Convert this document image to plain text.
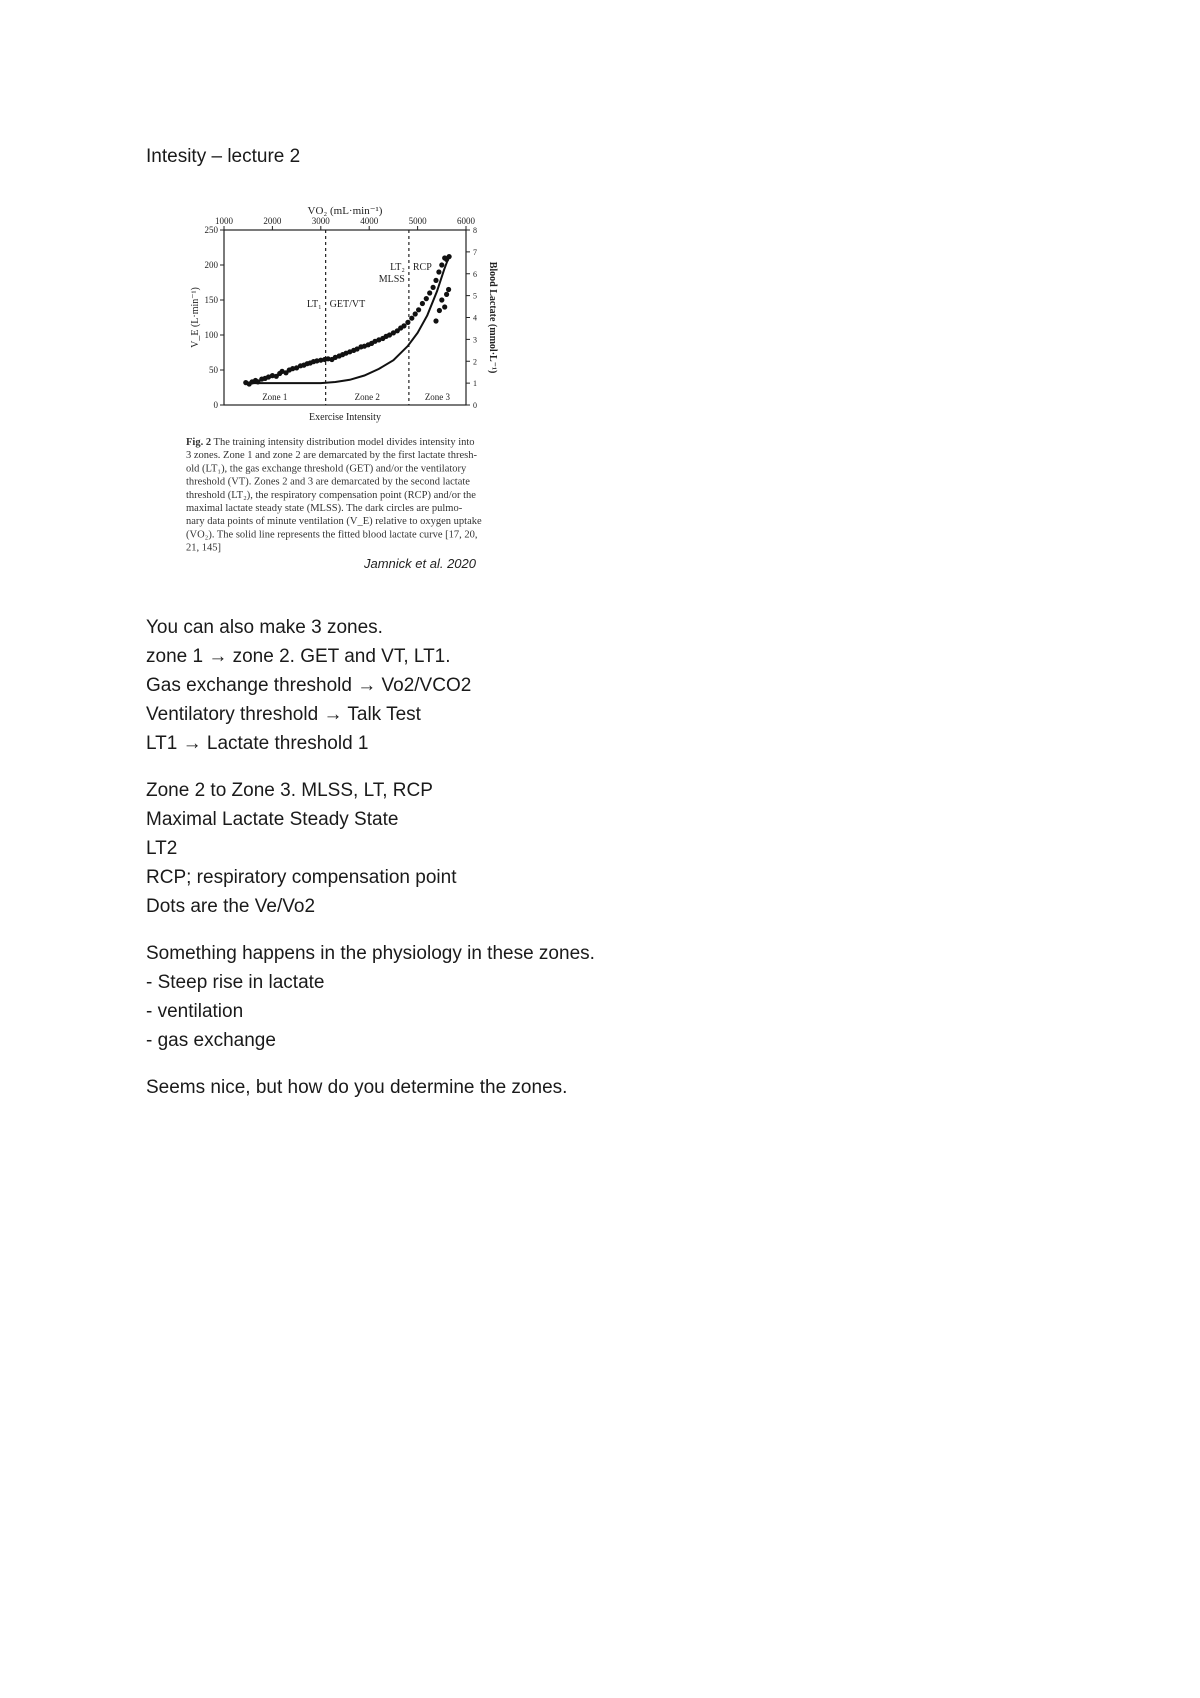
Intesity – lecture 2
VO₂ (mL·min⁻¹)
1000	2000	3000	4000	5000	6000
0
50
100
150
200
250
V_E (L·min⁻¹)
0
1
2
3
4
5
6
7
8
Blood Lactate (mmol·L⁻¹)
LT₁ GET/VT
LT₂ RCP
MLSS
Zone 1	Zone 2	Zone 3
Exercise Intensity
Fig. 2 The training intensity distribution model divides intensity into
3 zones. Zone 1 and zone 2 are demarcated by the first lactate thresh-
old (LT₁), the gas exchange threshold (GET) and/or the ventilatory
threshold (VT). Zones 2 and 3 are demarcated by the second lactate
threshold (LT₂), the respiratory compensation point (RCP) and/or the
maximal lactate steady state (MLSS). The dark circles are pulmo-
nary data points of minute ventilation (V_E) relative to oxygen uptake
(VO₂). The solid line represents the fitted blood lactate curve [17, 20,
21, 145]
Jamnick et al. 2020
You can also make 3 zones.
zone 1 → zone 2. GET and VT, LT1.
Gas exchange threshold → Vo2/VCO2
Ventilatory threshold → Talk Test
LT1 → Lactate threshold 1
Zone 2 to Zone 3. MLSS, LT, RCP
Maximal Lactate Steady State
LT2
RCP; respiratory compensation point
Dots are the Ve/Vo2
Something happens in the physiology in these zones.
- Steep rise in lactate
- ventilation
- gas exchange
Seems nice, but how do you determine the zones.
